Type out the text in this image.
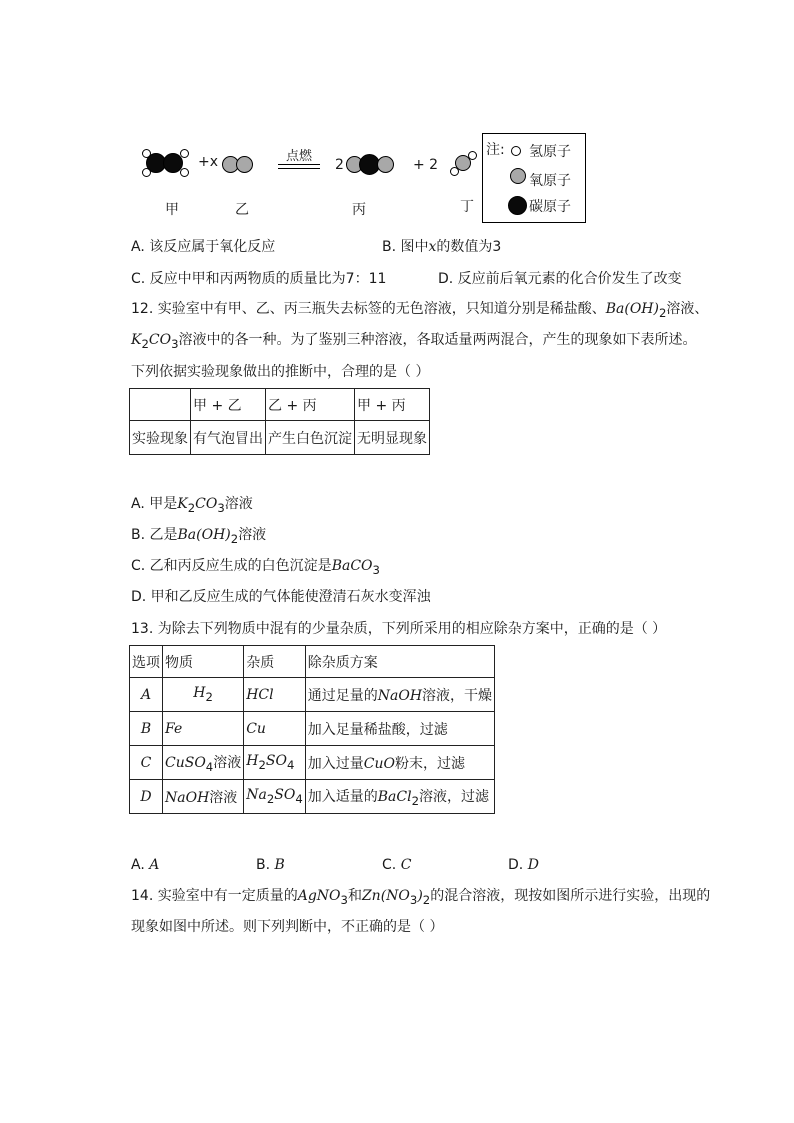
+x	点燃
2	+ 2
甲	乙	丙	丁
注: 氢原子
氧原子
碳原子
A. 该反应属于氧化反应	B. 图中x的数值为3
C. 反应中甲和丙两物质的质量比为7：11	D. 反应前后氧元素的化合价发生了改变
12. 实验室中有甲、乙、丙三瓶失去标签的无色溶液，只知道分别是稀盐酸、$Ba(OH)_2$溶液、
$K_2CO_3$溶液中的各一种。为了鉴别三种溶液，各取适量两两混合，产生的现象如下表所述。
下列依据实验现象做出的推断中，合理的是（ ）
	甲 + 乙	乙 + 丙	甲 + 丙
实验现象	有气泡冒出	产生白色沉淀	无明显现象
A. 甲是$K_2CO_3$溶液
B. 乙是$Ba(OH)_2$溶液
C. 乙和丙反应生成的白色沉淀是BaCO$_3$
D. 甲和乙反应生成的气体能使澄清石灰水变浑浊
13. 为除去下列物质中混有的少量杂质，下列所采用的相应除杂方案中，正确的是（ ）
选项	物质	杂质	除杂质方案
A	$H_2$	HCl	通过足量的NaOH溶液，干燥
B	Fe	Cu	加入足量稀盐酸，过滤
C	CuSO$_4$溶液	$H_2SO_4$	加入过量CuO粉末，过滤
D	NaOH溶液	$Na_2SO_4$	加入适量的BaCl$_2$溶液，过滤
A. A	B. B	C. C	D. D
14. 实验室中有一定质量的AgNO$_3$和$Zn(NO_3)_2$的混合溶液，现按如图所示进行实验，出现的
现象如图中所述。则下列判断中，不正确的是（ ）
